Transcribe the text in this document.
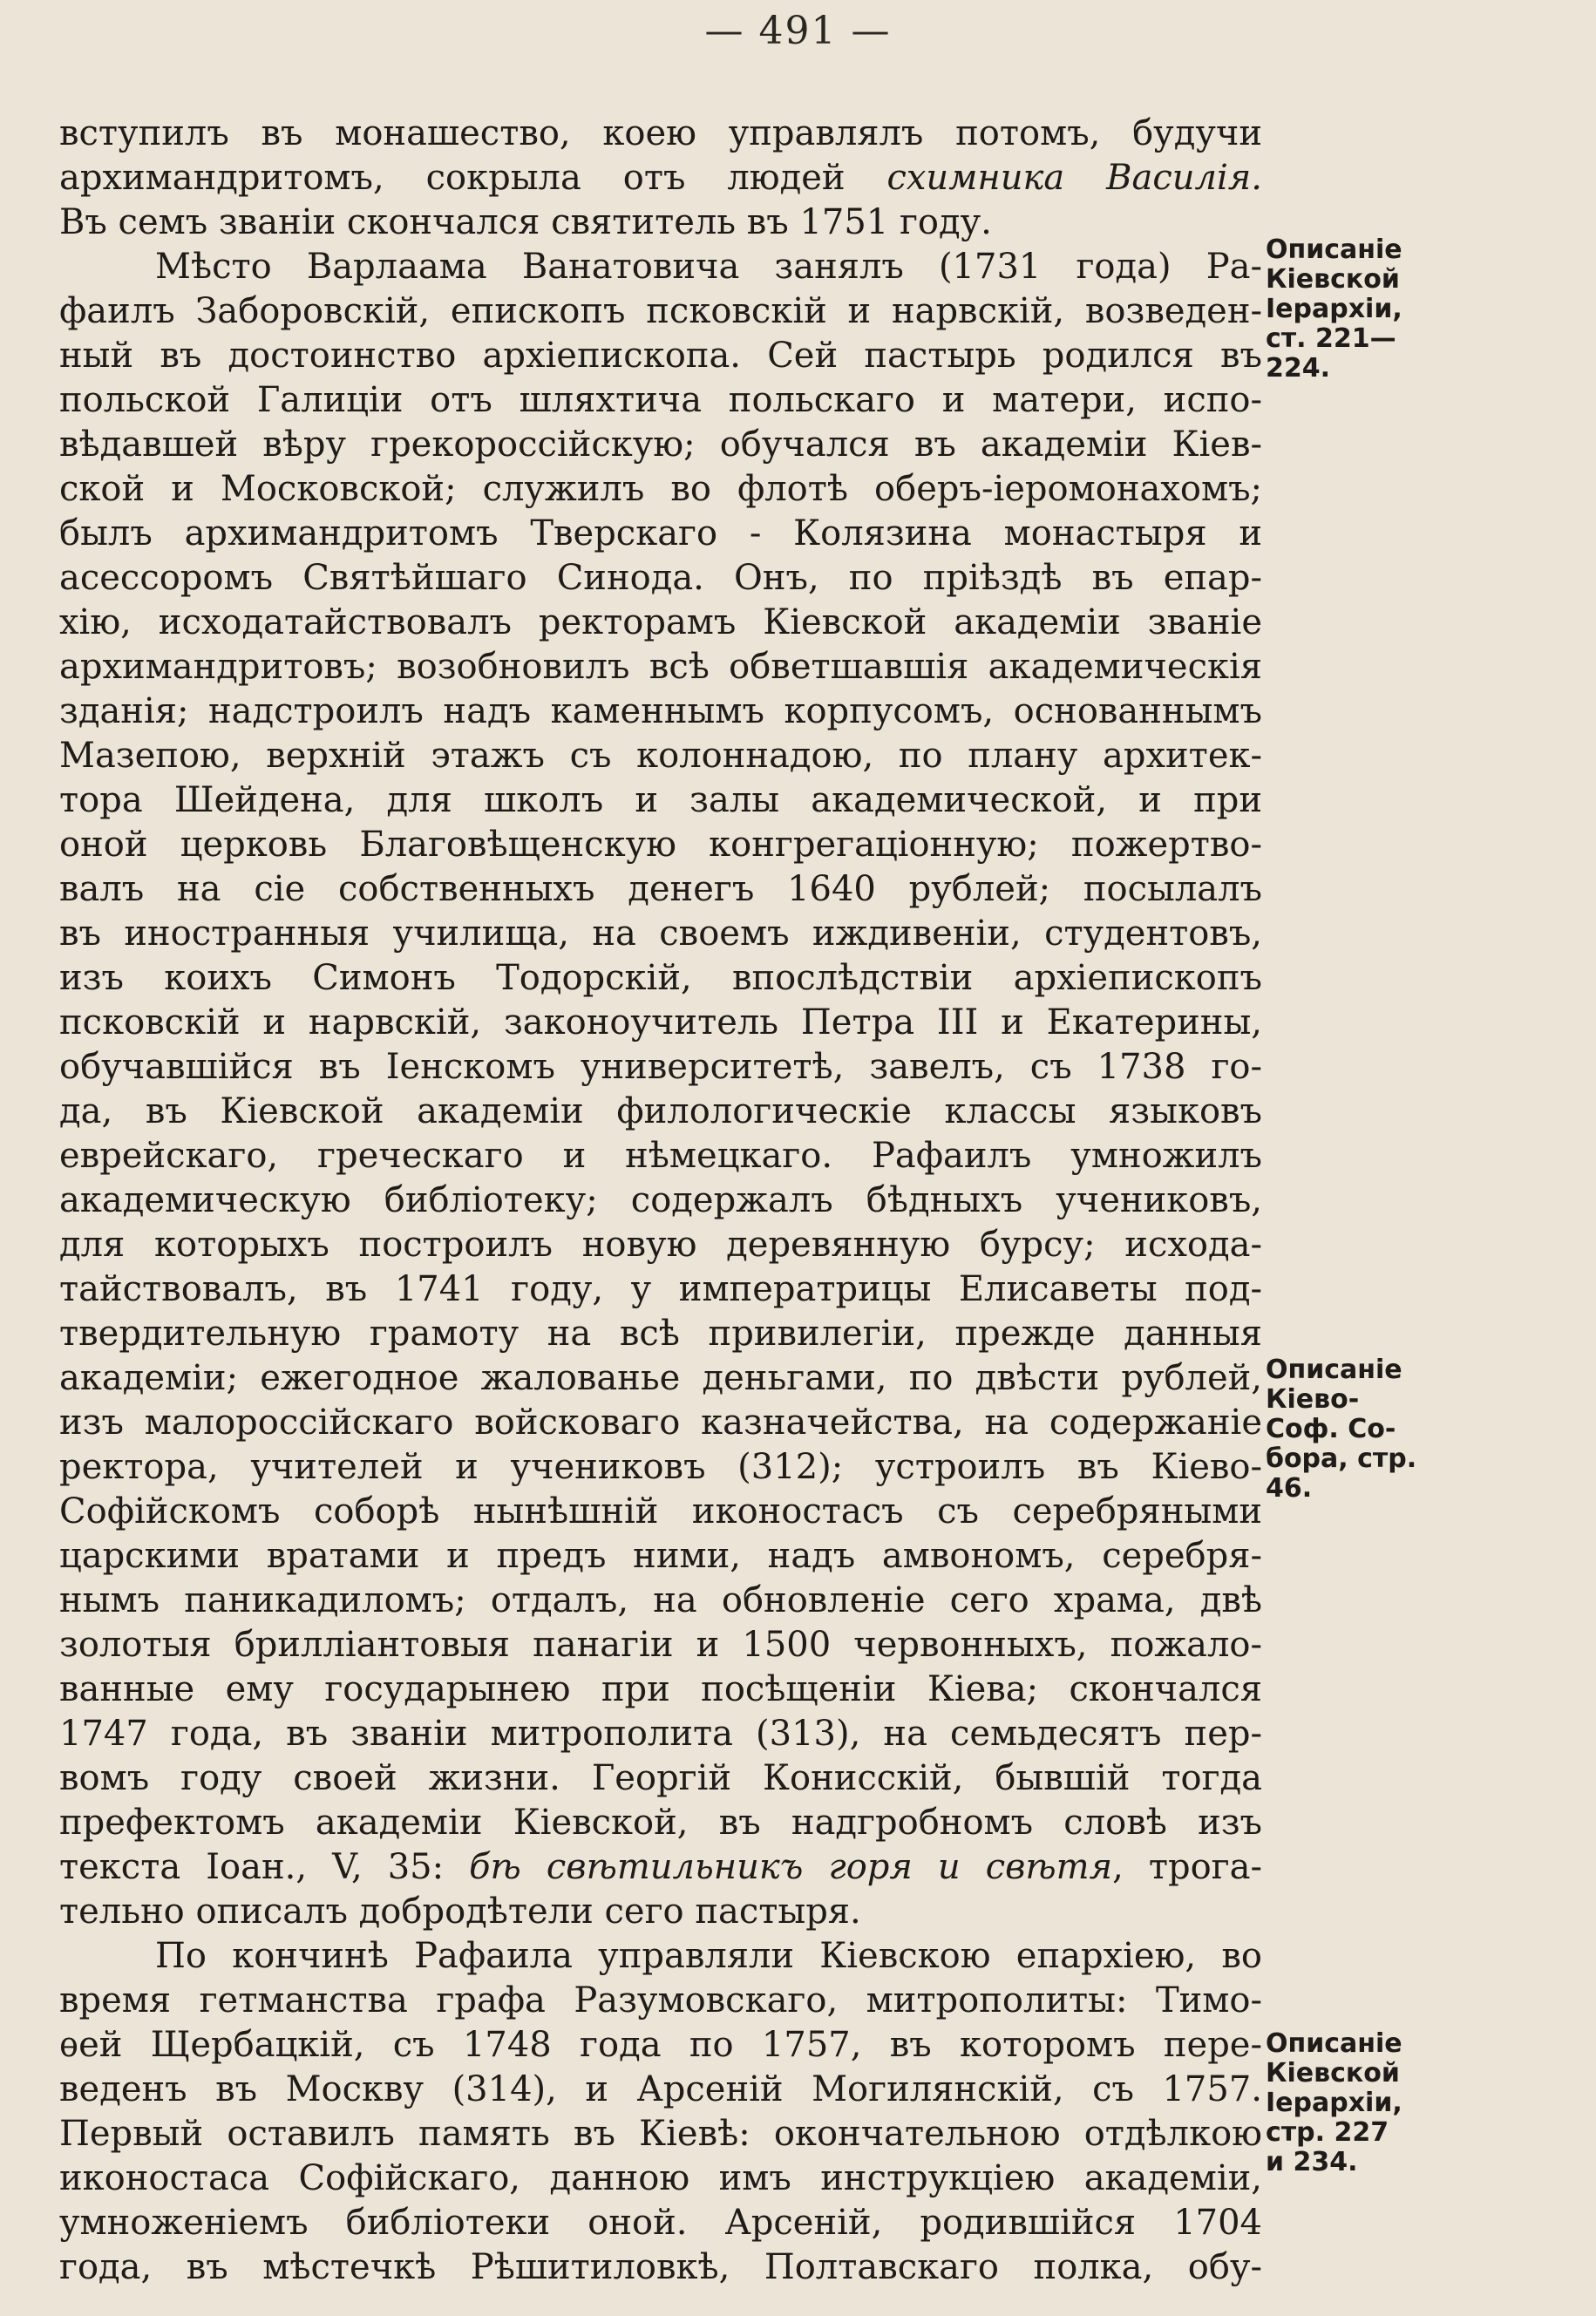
— 491 —
вступилъ въ монашество, коею управлялъ потомъ, будучи
архимандритомъ, сокрыла отъ людей схимника Василія.
Въ семъ званіи скончался святитель въ 1751 году.
Мѣсто Варлаама Ванатовича занялъ (1731 года) Ра-
фаилъ Заборовскій, епископъ псковскій и нарвскій, возведен-
ный въ достоинство архіепископа. Сей пастырь родился въ
польской Галиціи отъ шляхтича польскаго и матери, испо-
вѣдавшей вѣру грекороссійскую; обучался въ академіи Кіев-
ской и Московской; служилъ во флотѣ оберъ-іеромонахомъ;
былъ архимандритомъ Тверскаго - Колязина монастыря и
асессоромъ Святѣйшаго Синода. Онъ, по пріѣздѣ въ епар-
хію, исходатайствовалъ ректорамъ Кіевской академіи званіе
архимандритовъ; возобновилъ всѣ обветшавшія академическія
зданія; надстроилъ надъ каменнымъ корпусомъ, основаннымъ
Мазепою, верхній этажъ съ колоннадою, по плану архитек-
тора Шейдена, для школъ и залы академической, и при
оной церковь Благовѣщенскую конгрегаціонную; пожертво-
валъ на сіе собственныхъ денегъ 1640 рублей; посылалъ
въ иностранныя училища, на своемъ иждивеніи, студентовъ,
изъ коихъ Симонъ Тодорскій, впослѣдствіи архіепископъ
псковскій и нарвскій, законоучитель Петра III и Екатерины,
обучавшійся въ Іенскомъ университетѣ, завелъ, съ 1738 го-
да, въ Кіевской академіи филологическіе классы языковъ
еврейскаго, греческаго и нѣмецкаго. Рафаилъ умножилъ
академическую библіотеку; содержалъ бѣдныхъ учениковъ,
для которыхъ построилъ новую деревянную бурсу; исхода-
тайствовалъ, въ 1741 году, у императрицы Елисаветы под-
твердительную грамоту на всѣ привилегіи, прежде данныя
академіи; ежегодное жалованье деньгами, по двѣсти рублей,
изъ малороссійскаго войсковаго казначейства, на содержаніе
ректора, учителей и учениковъ (312); устроилъ въ Кіево-
Софійскомъ соборѣ нынѣшній иконостасъ съ серебряными
царскими вратами и предъ ними, надъ амвономъ, серебря-
нымъ паникадиломъ; отдалъ, на обновленіе сего храма, двѣ
золотыя бриллiантовыя панагіи и 1500 червонныхъ, пожало-
ванные ему государынею при посѣщеніи Кіева; скончался
1747 года, въ званіи митрополита (313), на семьдесятъ пер-
вомъ году своей жизни. Георгій Конисскій, бывшій тогда
префектомъ академіи Кіевской, въ надгробномъ словѣ изъ
текста Іоан., V, 35: бѣ свѣтильникъ горя и свѣтя, трога-
тельно описалъ добродѣтели сего пастыря.
По кончинѣ Рафаила управляли Кіевскою епархіею, во
время гетманства графа Разумовскаго, митрополиты: Тимо-
ѳей Щербацкій, съ 1748 года по 1757, въ которомъ пере-
веденъ въ Москву (314), и Арсеній Могилянскій, съ 1757.
Первый оставилъ память въ Кіевѣ: окончательною отдѣлкою
иконостаса Софійскаго, данною имъ инструкціею академіи,
умноженіемъ библіотеки оной. Арсеній, родившійся 1704
года, въ мѣстечкѣ Рѣшитиловкѣ, Полтавскаго полка, обу-
Описаніе
Кіевской
Іерархіи,
ст. 221—
224.
Описаніе
Кіево-
Соф. Со-
бора, стр.
46.
Описаніе
Кіевской
Іерархіи,
стр. 227
и 234.
